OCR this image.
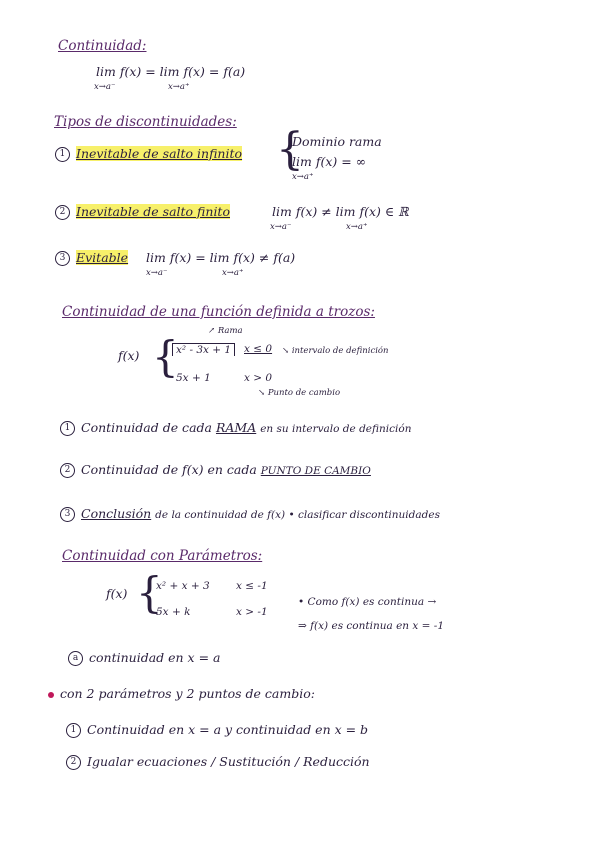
Continuidad:
lim f(x) = lim f(x) = f(a)
x→a⁻	x→a⁺
Tipos de discontinuidades:
1 Inevitable de salto infinito {
Dominio rama
lim f(x) = ∞
x→a⁺
2 Inevitable de salto finito	lim f(x) ≠ lim f(x) ∈ ℝ
x→a⁻	x→a⁺
3 Evitable lim f(x) = lim f(x) ≠ f(a)
x→a⁻	x→a⁺
Continuidad de una función definida a trozos:
↗ Rama
f(x) {
x² - 3x + 1	x ≤ 0 ↘ intervalo de definición
5x + 1	x > 0
↘ Punto de cambio
1 Continuidad de cada RAMA en su intervalo de definición
2 Continuidad de f(x) en cada PUNTO DE CAMBIO
3 Conclusión de la continuidad de f(x) • clasificar discontinuidades
Continuidad con Parámetros:
f(x) {
x² + x + 3	x ≤ -1
5x + k	x > -1
• Como f(x) es continua →
⇒ f(x) es continua en x = -1
a continuidad en x = a
con 2 parámetros y 2 puntos de cambio:
1 Continuidad en x = a y continuidad en x = b
2 Igualar ecuaciones / Sustitución / Reducción
